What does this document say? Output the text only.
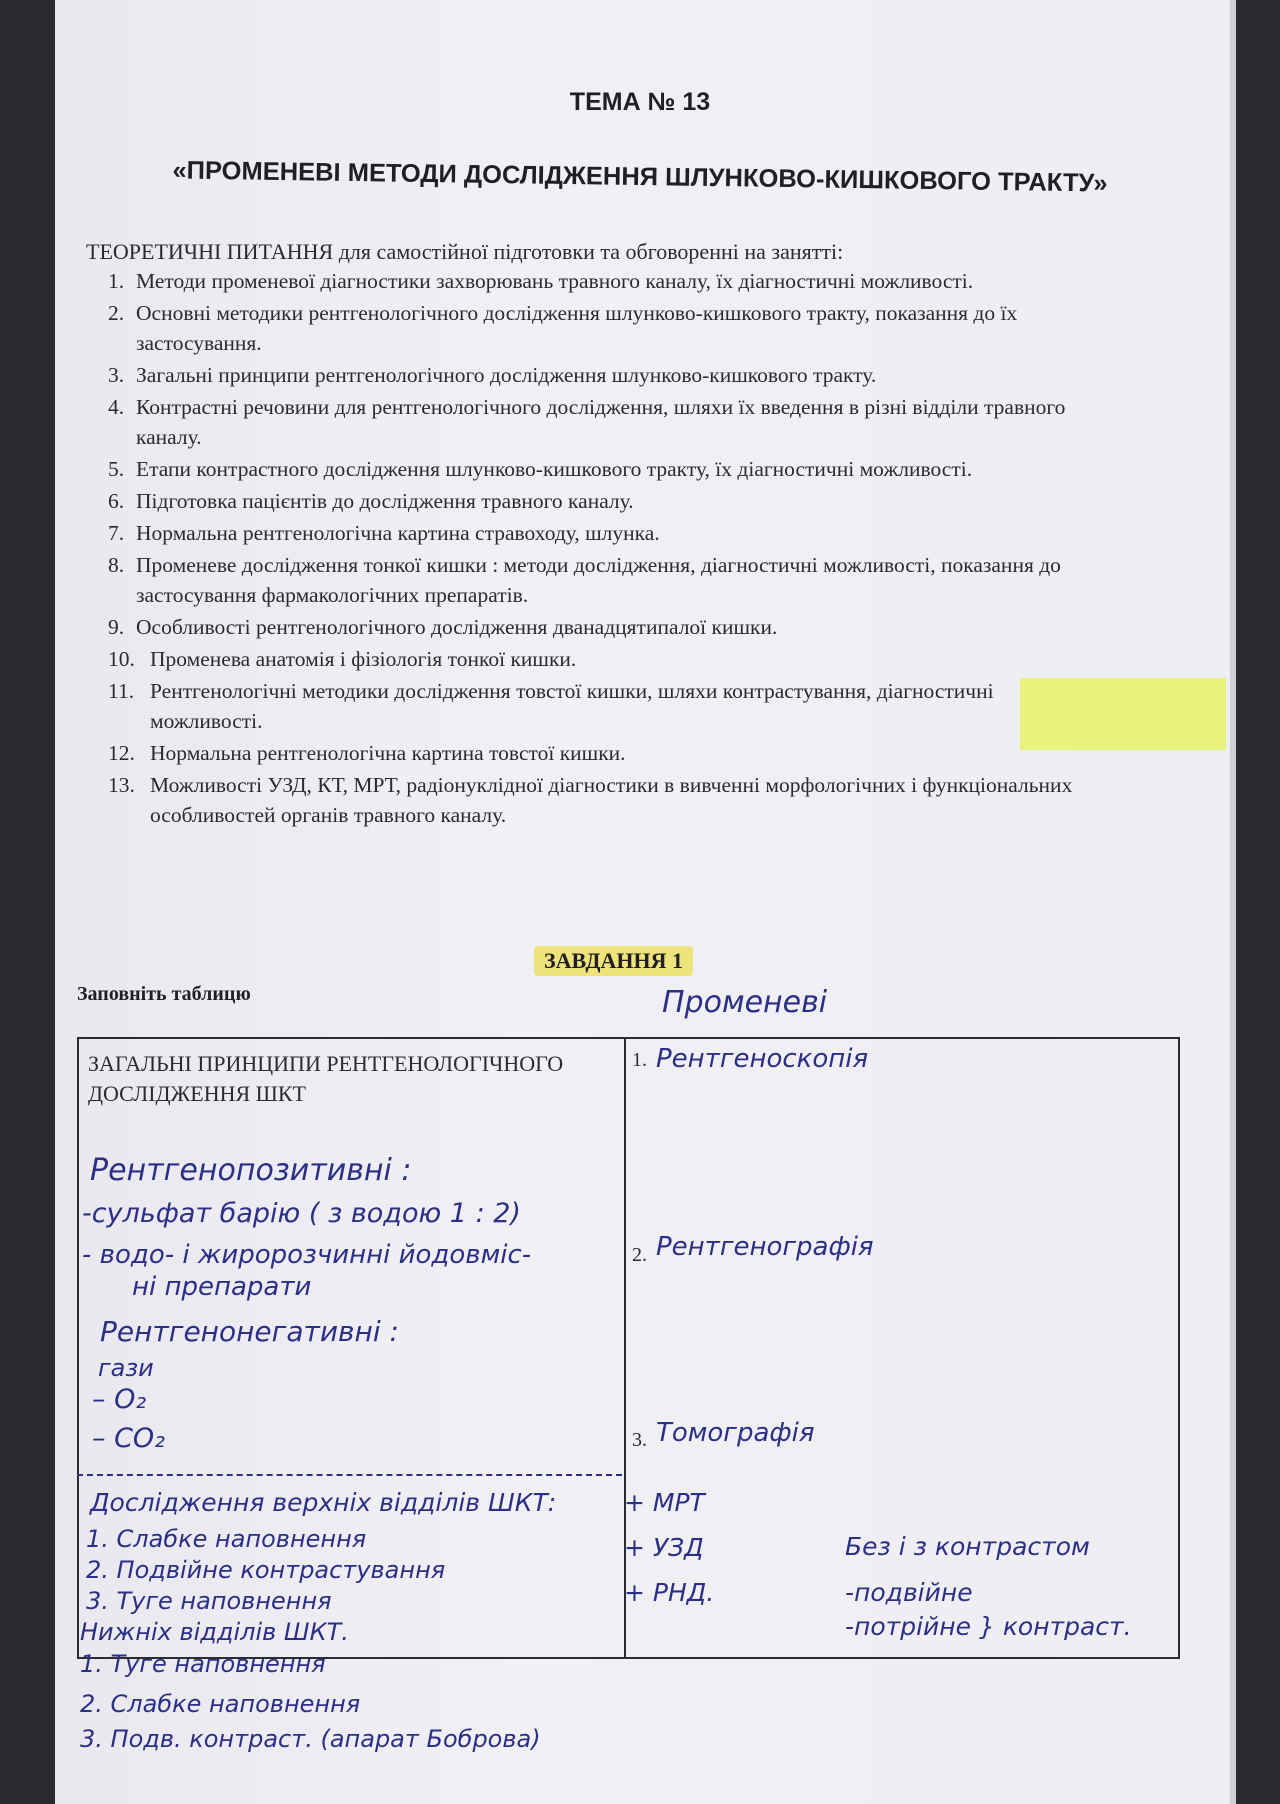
ТЕМА № 13
«ПРОМЕНЕВІ МЕТОДИ ДОСЛІДЖЕННЯ ШЛУНКОВО-КИШКОВОГО ТРАКТУ»
ТЕОРЕТИЧНІ ПИТАННЯ для самостійної підготовки та обговоренні на занятті:
1. Методи променевої діагностики захворювань травного каналу, їх діагностичні можливості.
2. Основні методики рентгенологічного дослідження шлунково-кишкового тракту, показання до їх застосування.
3. Загальні принципи рентгенологічного дослідження шлунково-кишкового тракту.
4. Контрастні речовини для рентгенологічного дослідження, шляхи їх введення в різні відділи травного каналу.
5. Етапи контрастного дослідження шлунково-кишкового тракту, їх діагностичні можливості.
6. Підготовка пацієнтів до дослідження травного каналу.
7. Нормальна рентгенологічна картина стравоходу, шлунка.
8. Променеве дослідження тонкої кишки : методи дослідження, діагностичні можливості, показання до застосування фармакологічних препаратів.
9. Особливості рентгенологічного дослідження дванадцятипалої кишки.
10. Променева анатомія і фізіологія тонкої кишки.
11. Рентгенологічні методики дослідження товстої кишки, шляхи контрастування, діагностичні можливості.
12. Нормальна рентгенологічна картина товстої кишки.
13. Можливості УЗД, КТ, МРТ, радіонуклідної діагностики в вивченні морфологічних і функціональних особливостей органів травного каналу.
ЗАВДАННЯ 1
Заповніть таблицю	Променеві
ЗАГАЛЬНІ ПРИНЦИПИ РЕНТГЕНОЛОГІЧНОГО ДОСЛІДЖЕННЯ ШКТ
1. Рентгеноскопія
2. Рентгенографія
3. Томографія
Рентгенопозитивні :
-сульфат барію ( з водою 1 : 2)
- водо- і жиророзчинні йодовміс-
ні препарати
Рентгенонегативні :
гази
– O₂
– CO₂
Дослідження верхніх відділів ШКТ:
1. Слабке наповнення
2. Подвійне контрастування
3. Туге наповнення
Нижніх відділів ШКТ.
1. Туге наповнення
2. Слабке наповнення
3. Подв. контраст. (апарат Боброва)
+ МРТ
+ УЗД
+ РНД.
Без і з контрастом
-подвійне
-потрійне } контраст.
